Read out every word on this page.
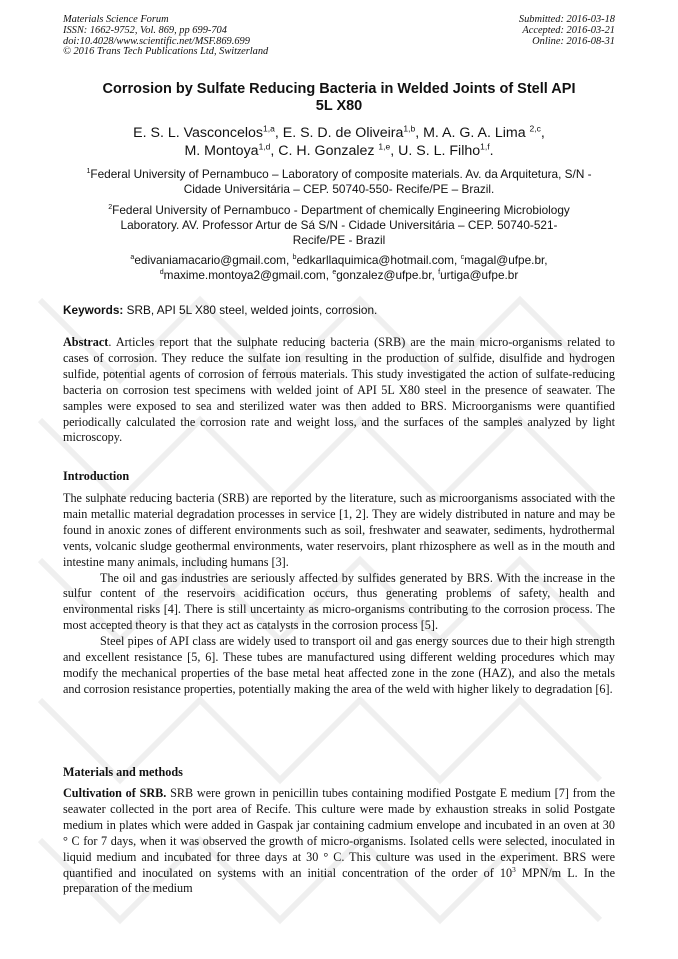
Materials Science Forum
ISSN: 1662-9752, Vol. 869, pp 699-704
doi:10.4028/www.scientific.net/MSF.869.699
© 2016 Trans Tech Publications Ltd, Switzerland
Submitted: 2016-03-18
Accepted: 2016-03-21
Online: 2016-08-31
Corrosion by Sulfate Reducing Bacteria in Welded Joints of Stell API
5L X80
E. S. L. Vasconcelos$^{1,a}$, E. S. D. de Oliveira$^{1,b}$, M. A. G. A. Lima $^{2,c}$,
M. Montoya$^{1,d}$, C. H. Gonzalez $^{1,e}$, U. S. L. Filho$^{1,f}$.
$^1$Federal University of Pernambuco – Laboratory of composite materials. Av. da Arquitetura, S/N -
Cidade Universitária – CEP. 50740-550- Recife/PE – Brazil.
$^2$Federal University of Pernambuco - Department of chemically Engineering Microbiology
Laboratory. AV. Professor Artur de Sá S/N - Cidade Universitária – CEP. 50740-521-
Recife/PE - Brazil
$^a$edivaniamacario@gmail.com, $^b$edkarllaquimica@hotmail.com, $^c$magal@ufpe.br,
$^d$maxime.montoya2@gmail.com, $^e$gonzalez@ufpe.br, $^f$urtiga@ufpe.br
Keywords: SRB, API 5L X80 steel, welded joints, corrosion.
Abstract. Articles report that the sulphate reducing bacteria (SRB) are the main micro-organisms related to cases of corrosion. They reduce the sulfate ion resulting in the production of sulfide, disulfide and hydrogen sulfide, potential agents of corrosion of ferrous materials. This study investigated the action of sulfate-reducing bacteria on corrosion test specimens with welded joint of API 5L X80 steel in the presence of seawater. The samples were exposed to sea and sterilized water was then added to BRS. Microorganisms were quantified periodically calculated the corrosion rate and weight loss, and the surfaces of the samples analyzed by light microscopy.
Introduction

The sulphate reducing bacteria (SRB) are reported by the literature, such as microorganisms associated with the main metallic material degradation processes in service [1, 2]. They are widely distributed in nature and may be found in anoxic zones of different environments such as soil, freshwater and seawater, sediments, hydrothermal vents, volcanic sludge geothermal environments, water reservoirs, plant rhizosphere as well as in the mouth and intestine many animals, including humans [3].

The oil and gas industries are seriously affected by sulfides generated by BRS. With the increase in the sulfur content of the reservoirs acidification occurs, thus generating problems of safety, health and environmental risks [4]. There is still uncertainty as micro-organisms contributing to the corrosion process. The most accepted theory is that they act as catalysts in the corrosion process [5].

Steel pipes of API class are widely used to transport oil and gas energy sources due to their high strength and excellent resistance [5, 6]. These tubes are manufactured using different welding procedures which may modify the mechanical properties of the base metal heat affected zone in the zone (HAZ), and also the metals and corrosion resistance properties, potentially making the area of the weld with higher likely to degradation [6].

Materials and methods
Cultivation of SRB. SRB were grown in penicillin tubes containing modified Postgate E medium [7] from the seawater collected in the port area of Recife. This culture were made by exhaustion streaks in solid Postgate medium in plates which were added in Gaspak jar containing cadmium envelope and incubated in an oven at 30 ° C for 7 days, when it was observed the growth of micro-organisms. Isolated cells were selected, inoculated in liquid medium and incubated for three days at 30 ° C. This culture was used in the experiment. BRS were quantified and inoculated on systems with an initial concentration of the order of $10^3$ MPN/m L. In the preparation of the medium
